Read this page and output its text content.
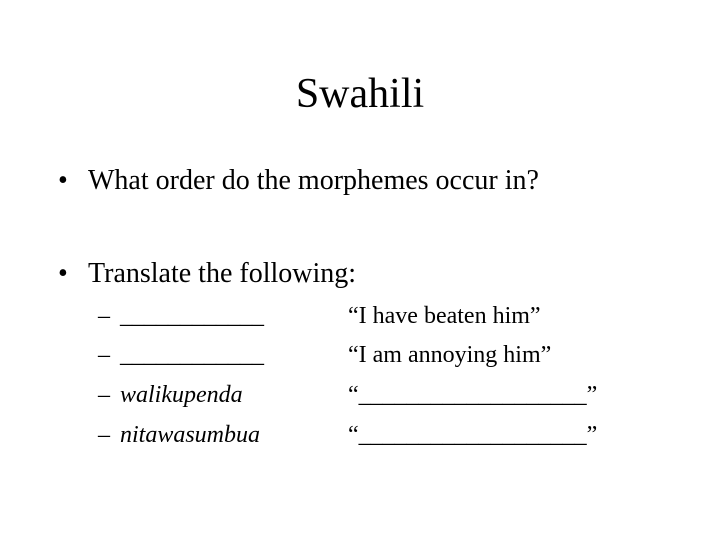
Swahili
• What order do the morphemes occur in?
• Translate the following:
– ____________	“I have beaten him”
– ____________	“I am annoying him”
– walikupenda	“___________________”
– nitawasumbua	“___________________”
